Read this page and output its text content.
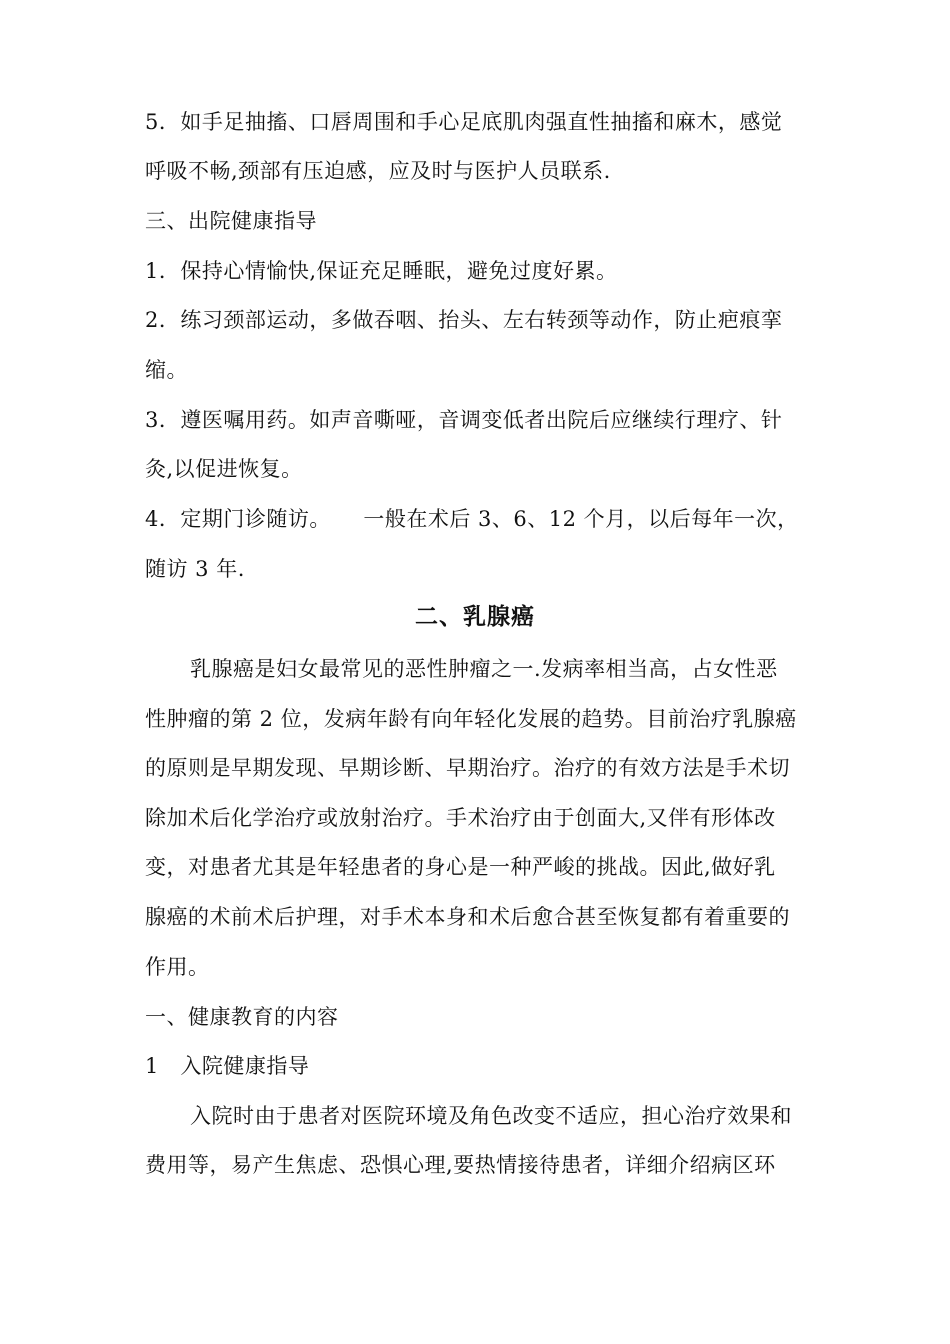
5．如手足抽搐、口唇周围和手心足底肌肉强直性抽搐和麻木，感觉
呼吸不畅,颈部有压迫感，应及时与医护人员联系.
三、出院健康指导
1．保持心情愉快,保证充足睡眠，避免过度好累。
2．练习颈部运动，多做吞咽、抬头、左右转颈等动作，防止疤痕挛
缩。
3．遵医嘱用药。如声音嘶哑，音调变低者出院后应继续行理疗、针
灸,以促进恢复。
4．定期门诊随访。　　一般在术后 3、6、12 个月，以后每年一次，
随访 3 年.
二、乳腺癌
乳腺癌是妇女最常见的恶性肿瘤之一.发病率相当高，占女性恶
性肿瘤的第 2 位，发病年龄有向年轻化发展的趋势。目前治疗乳腺癌
的原则是早期发现、早期诊断、早期治疗。治疗的有效方法是手术切
除加术后化学治疗或放射治疗。手术治疗由于创面大,又伴有形体改
变，对患者尤其是年轻患者的身心是一种严峻的挑战。因此,做好乳
腺癌的术前术后护理，对手术本身和术后愈合甚至恢复都有着重要的
作用。
一、健康教育的内容
1　入院健康指导
入院时由于患者对医院环境及角色改变不适应，担心治疗效果和
费用等，易产生焦虑、恐惧心理,要热情接待患者，详细介绍病区环
